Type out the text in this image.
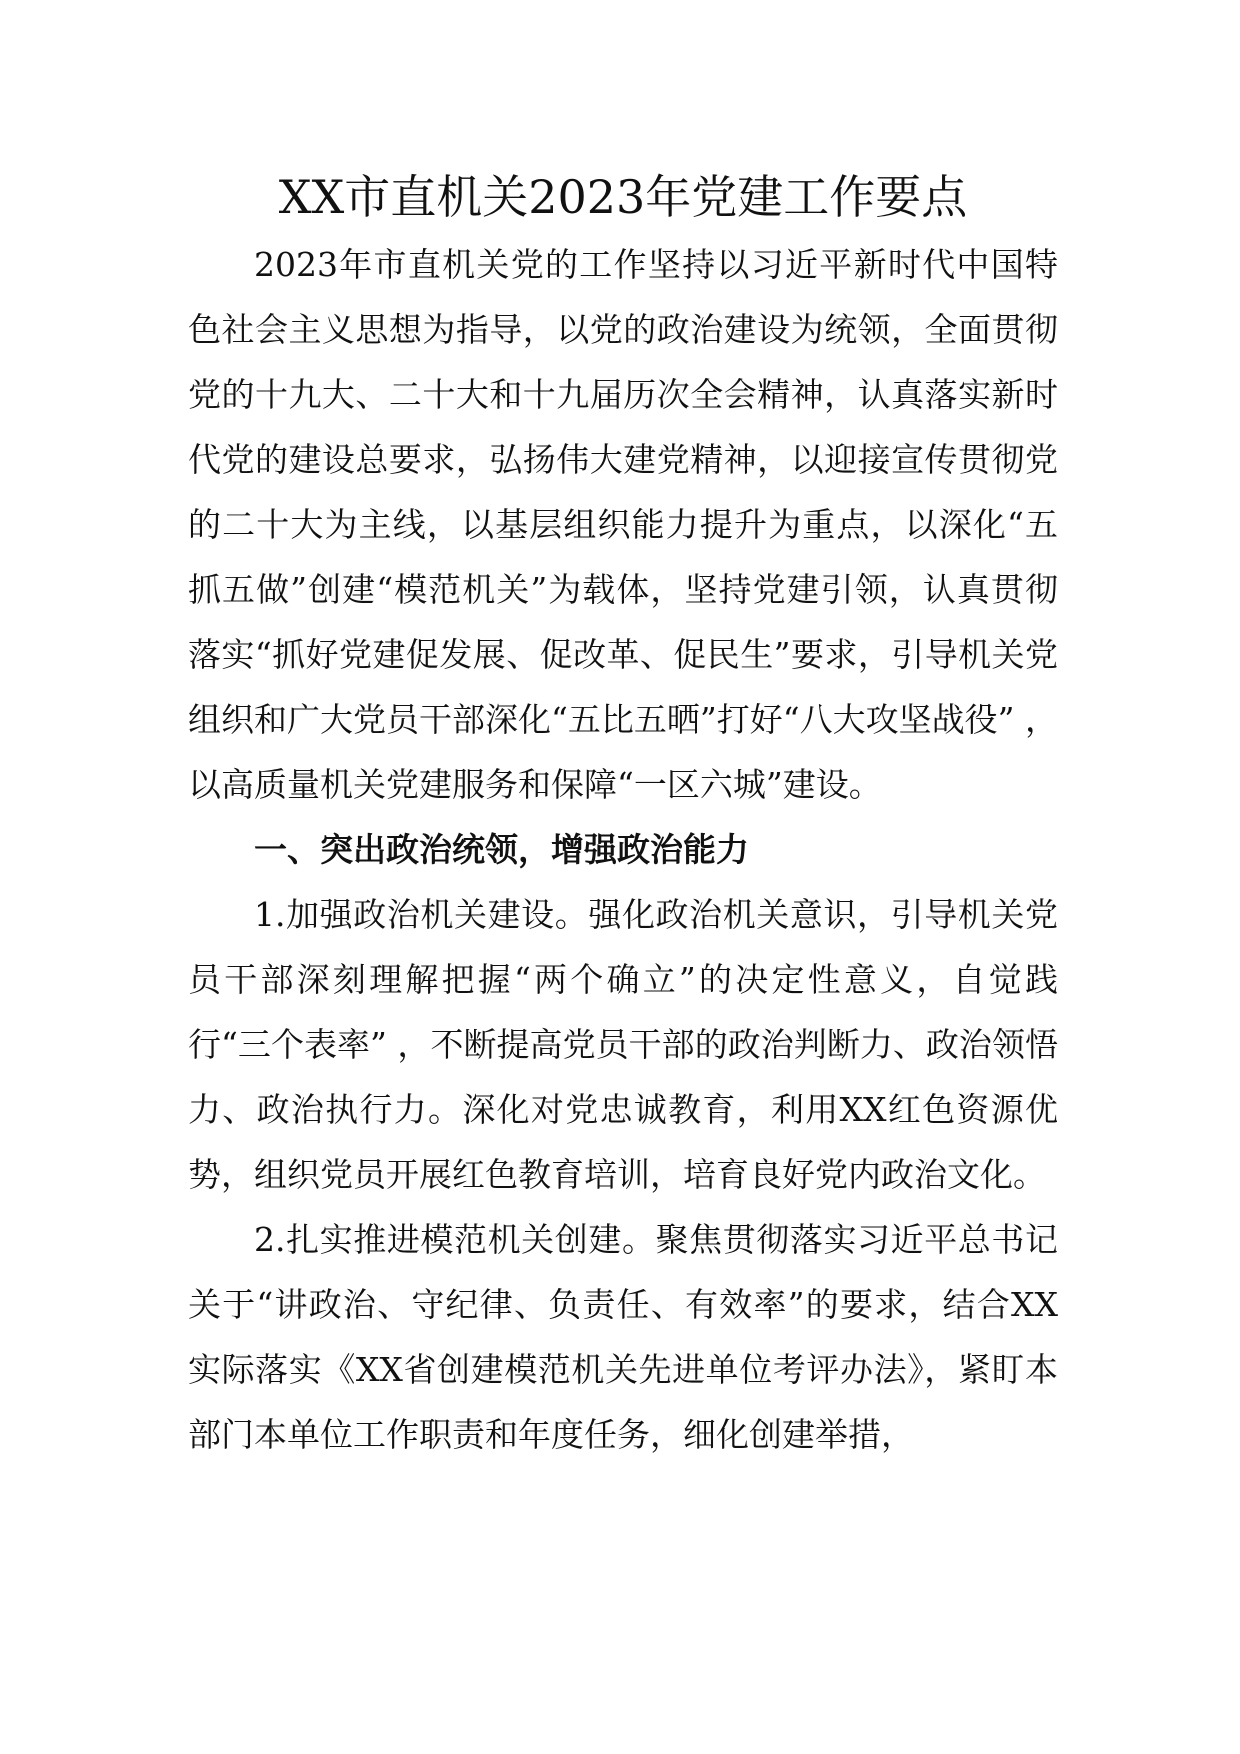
XX市直机关2023年党建工作要点

2023年市直机关党的工作坚持以习近平新时代中国特色社会主义思想为指导，以党的政治建设为统领，全面贯彻党的十九大、二十大和十九届历次全会精神，认真落实新时代党的建设总要求，弘扬伟大建党精神，以迎接宣传贯彻党的二十大为主线，以基层组织能力提升为重点，以深化“五抓五做”创建“模范机关”为载体，坚持党建引领，认真贯彻落实“抓好党建促发展、促改革、促民生”要求，引导机关党组织和广大党员干部深化“五比五晒”打好“八大攻坚战役” ，以高质量机关党建服务和保障“一区六城”建设。

一、突出政治统领，增强政治能力

1.加强政治机关建设。强化政治机关意识，引导机关党员干部深刻理解把握“两个确立”的决定性意义，自觉践行“三个表率” ，不断提高党员干部的政治判断力、政治领悟力、政治执行力。深化对党忠诚教育，利用XX红色资源优势，组织党员开展红色教育培训，培育良好党内政治文化。

2.扎实推进模范机关创建。聚焦贯彻落实习近平总书记关于“讲政治、守纪律、负责任、有效率”的要求，结合XX实际落实《XX省创建模范机关先进单位考评办法》，紧盯本部门本单位工作职责和年度任务，细化创建举措，
